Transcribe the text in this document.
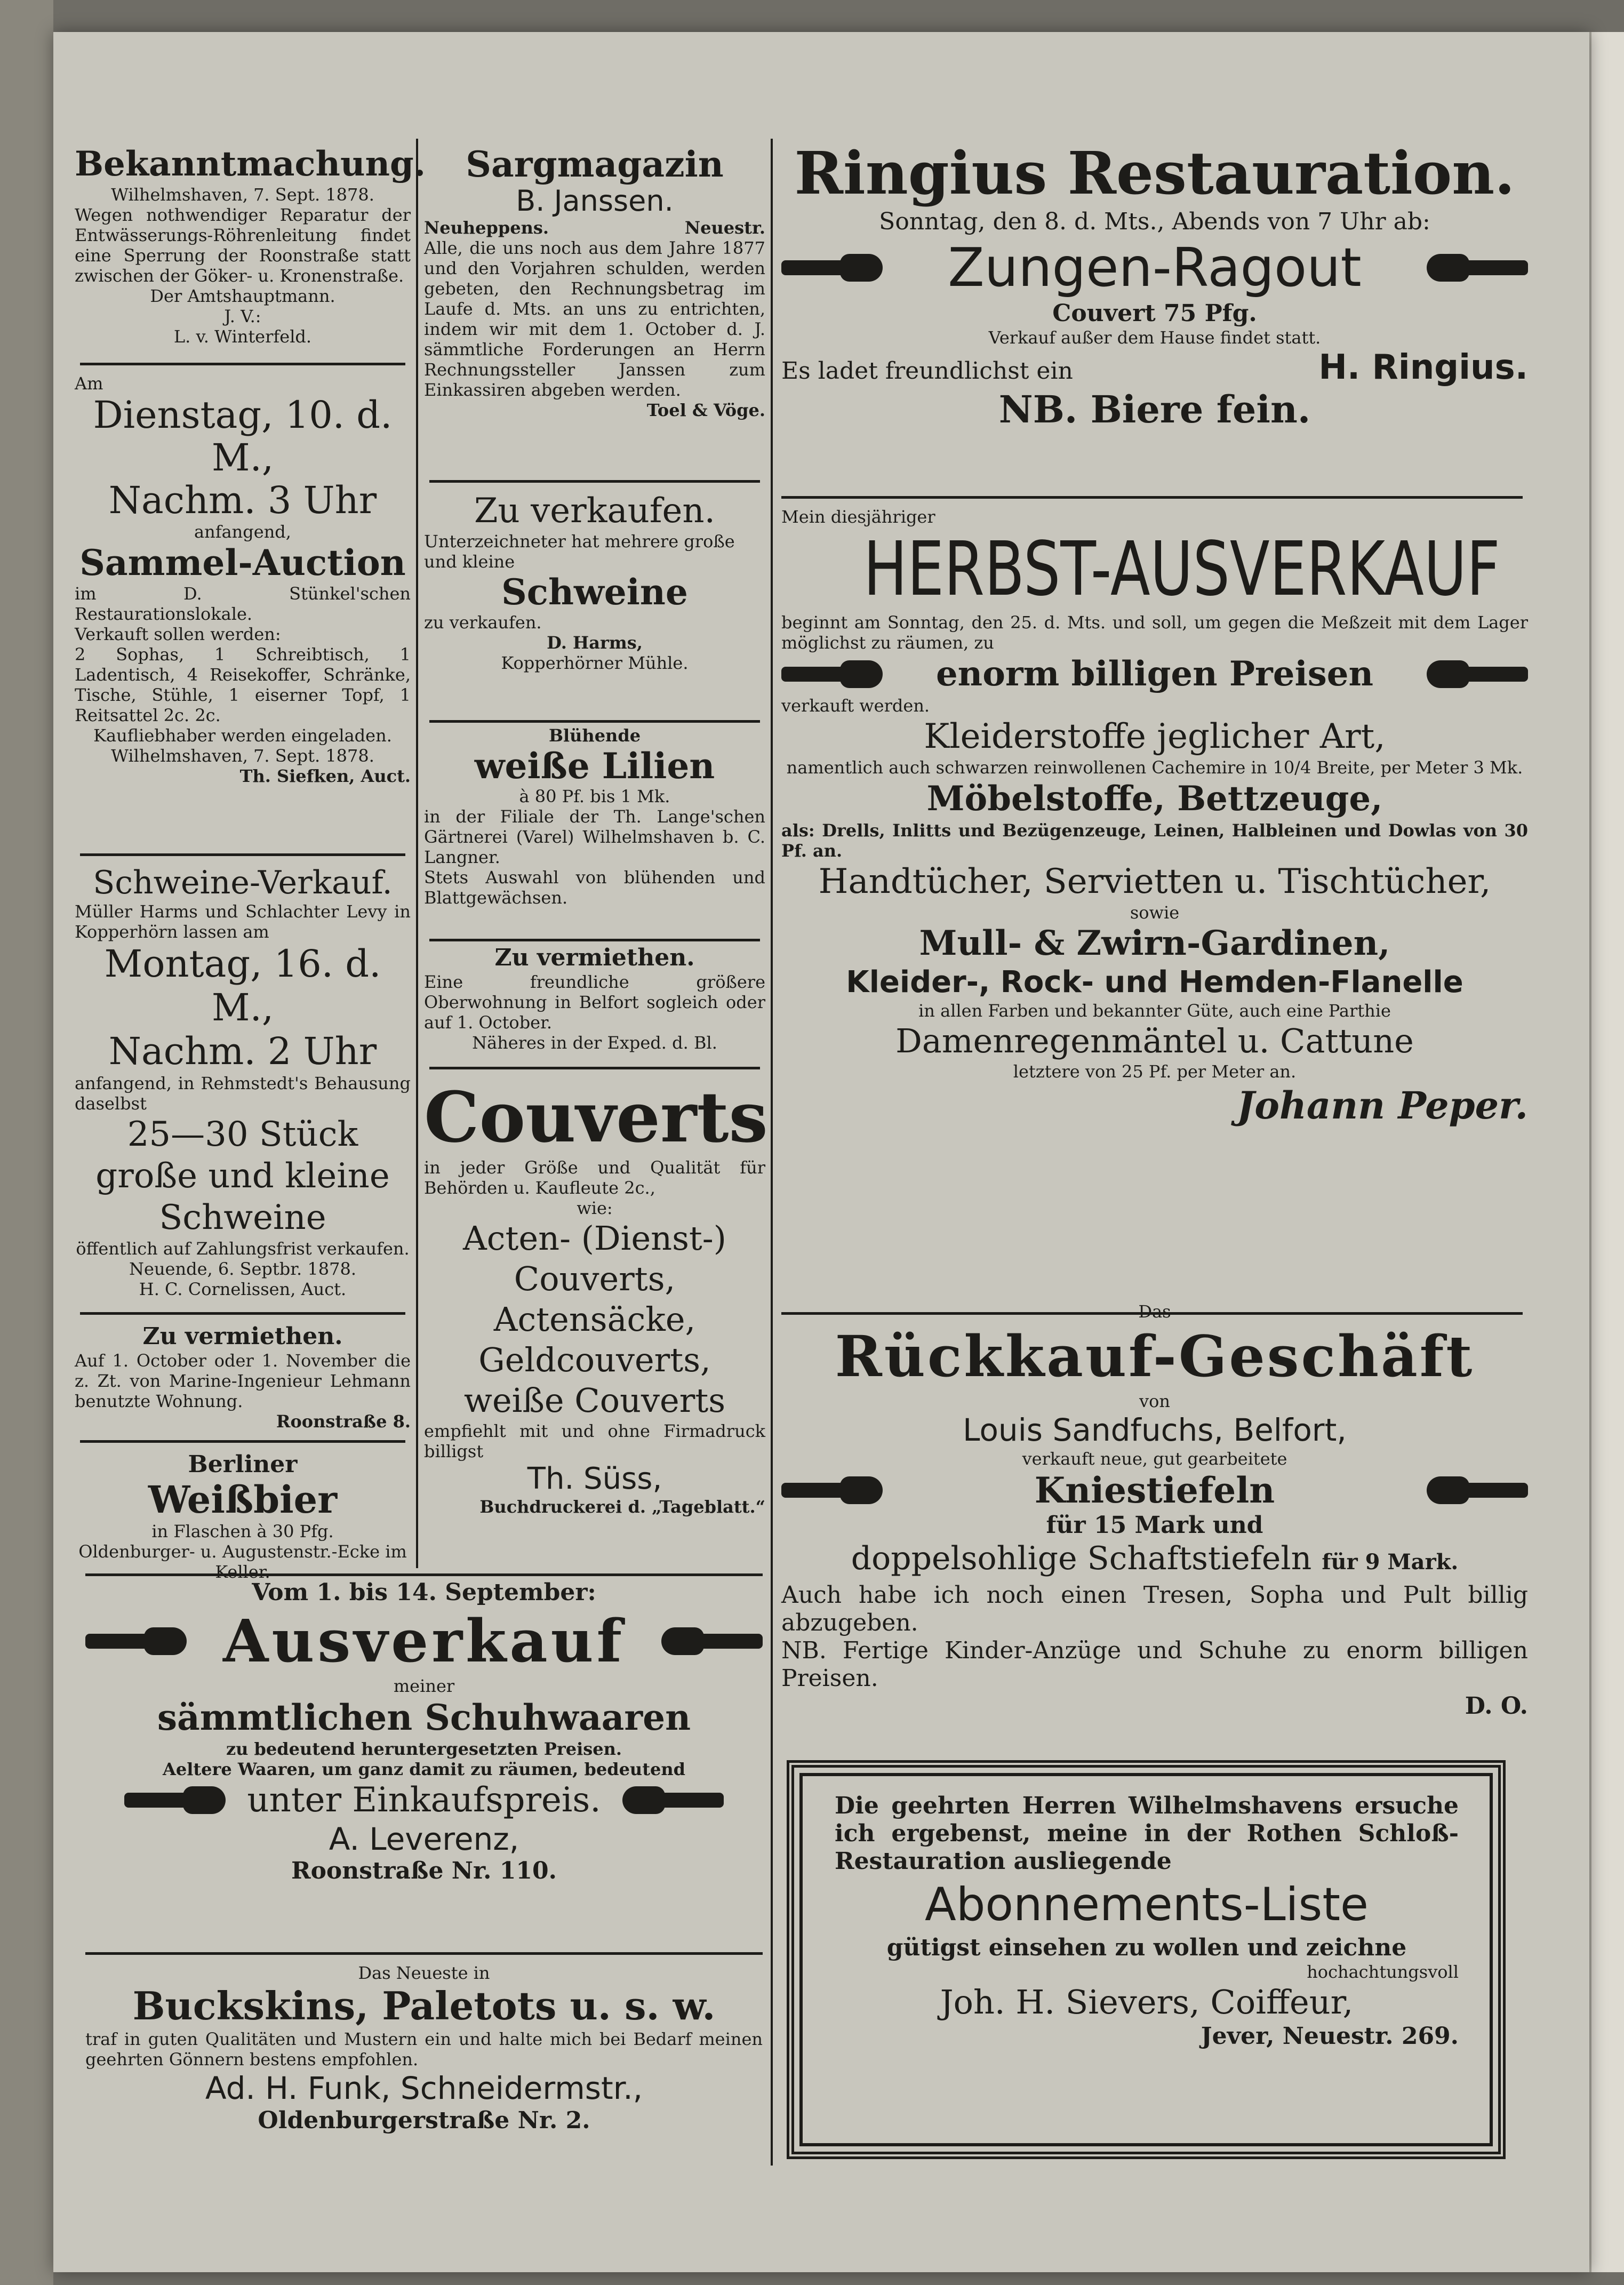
Bekanntmachung.
Wilhelmshaven, 7. Sept. 1878.
Wegen nothwendiger Reparatur der Entwässerungs-Röhrenleitung findet eine Sperrung der Roonstraße statt zwischen der Göker- u. Kronenstraße.
Der Amtshauptmann.
J. V.:
L. v. Winterfeld.
Am
Dienstag, 10. d. M.,
Nachm. 3 Uhr
anfangend,
Sammel-Auction
im D. Stünkel'schen Restaurationslokale.
Verkauft sollen werden:
2 Sophas, 1 Schreibtisch, 1 Ladentisch, 4 Reisekoffer, Schränke, Tische, Stühle, 1 eiserner Topf, 1 Reitsattel 2c. 2c.
Kaufliebhaber werden eingeladen.
Wilhelmshaven, 7. Sept. 1878.
Th. Siefken, Auct.
Schweine-Verkauf.
Müller Harms und Schlachter Levy in Kopperhörn lassen am
Montag, 16. d. M.,
Nachm. 2 Uhr
anfangend, in Rehmstedt's Behausung daselbst
25—30 Stück
große und kleine
Schweine
öffentlich auf Zahlungsfrist verkaufen.
Neuende, 6. Septbr. 1878.
H. C. Cornelissen, Auct.
Zu vermiethen.
Auf 1. October oder 1. November die z. Zt. von Marine-Ingenieur Lehmann benutzte Wohnung.
Roonstraße 8.
Berliner
Weißbier
in Flaschen à 30 Pfg.
Oldenburger- u. Augustenstr.-Ecke im Keller.
Sargmagazin
B. Janssen.
Neuheppens.	Neuestr.
Alle, die uns noch aus dem Jahre 1877 und den Vorjahren schulden, werden gebeten, den Rechnungsbetrag im Laufe d. Mts. an uns zu entrichten, indem wir mit dem 1. October d. J. sämmtliche Forderungen an Herrn Rechnungssteller Janssen zum Einkassiren abgeben werden.
Toel & Vöge.
Zu verkaufen.
Unterzeichneter hat mehrere große und kleine
Schweine
zu verkaufen.
D. Harms,
Kopperhörner Mühle.
Blühende
weiße Lilien
à 80 Pf. bis 1 Mk.
in der Filiale der Th. Lange'schen Gärtnerei (Varel) Wilhelmshaven b. C. Langner.
Stets Auswahl von blühenden und Blattgewächsen.
Zu vermiethen.
Eine freundliche größere Oberwohnung in Belfort sogleich oder auf 1. October.
Näheres in der Exped. d. Bl.
Couverts
in jeder Größe und Qualität für Behörden u. Kaufleute 2c.,
wie:
Acten- (Dienst-)
Couverts,
Actensäcke,
Geldcouverts,
weiße Couverts
empfiehlt mit und ohne Firmadruck billigst
Th. Süss,
Buchdruckerei d. „Tageblatt.“
Vom 1. bis 14. September:
Ausverkauf
meiner
sämmtlichen Schuhwaaren
zu bedeutend heruntergesetzten Preisen.
Aeltere Waaren, um ganz damit zu räumen, bedeutend
unter Einkaufspreis.
A. Leverenz,
Roonstraße Nr. 110.
Das Neueste in
Buckskins, Paletots u. s. w.
traf in guten Qualitäten und Mustern ein und halte mich bei Bedarf meinen geehrten Gönnern bestens empfohlen.
Ad. H. Funk, Schneidermstr.,
Oldenburgerstraße Nr. 2.
Ringius Restauration.
Sonntag, den 8. d. Mts., Abends von 7 Uhr ab:
Zungen-Ragout
Couvert 75 Pfg.
Verkauf außer dem Hause findet statt.
Es ladet freundlichst ein	H. Ringius.
NB. Biere fein.
Mein diesjähriger
HERBST-AUSVERKAUF
beginnt am Sonntag, den 25. d. Mts. und soll, um gegen die Meßzeit mit dem Lager möglichst zu räumen, zu
enorm billigen Preisen
verkauft werden.
Kleiderstoffe jeglicher Art,
namentlich auch schwarzen reinwollenen Cachemire in 10/4 Breite, per Meter 3 Mk.
Möbelstoffe, Bettzeuge,
als: Drells, Inlitts und Bezügenzeuge, Leinen, Halbleinen und Dowlas von 30 Pf. an.
Handtücher, Servietten u. Tischtücher,
sowie
Mull- & Zwirn-Gardinen,
Kleider-, Rock- und Hemden-Flanelle
in allen Farben und bekannter Güte, auch eine Parthie
Damenregenmäntel u. Cattune
letztere von 25 Pf. per Meter an.
Johann Peper.
Das
Rückkauf-Geschäft
von
Louis Sandfuchs, Belfort,
verkauft neue, gut gearbeitete
Kniestiefeln
für 15 Mark und
doppelsohlige Schaftstiefeln für 9 Mark.
Auch habe ich noch einen Tresen, Sopha und Pult billig abzugeben.
NB. Fertige Kinder-Anzüge und Schuhe zu enorm billigen Preisen.
D. O.
Die geehrten Herren Wilhelmshavens ersuche ich ergebenst, meine in der Rothen Schloß-Restauration ausliegende
Abonnements-Liste
gütigst einsehen zu wollen und zeichne
hochachtungsvoll
Joh. H. Sievers, Coiffeur,
Jever, Neuestr. 269.
